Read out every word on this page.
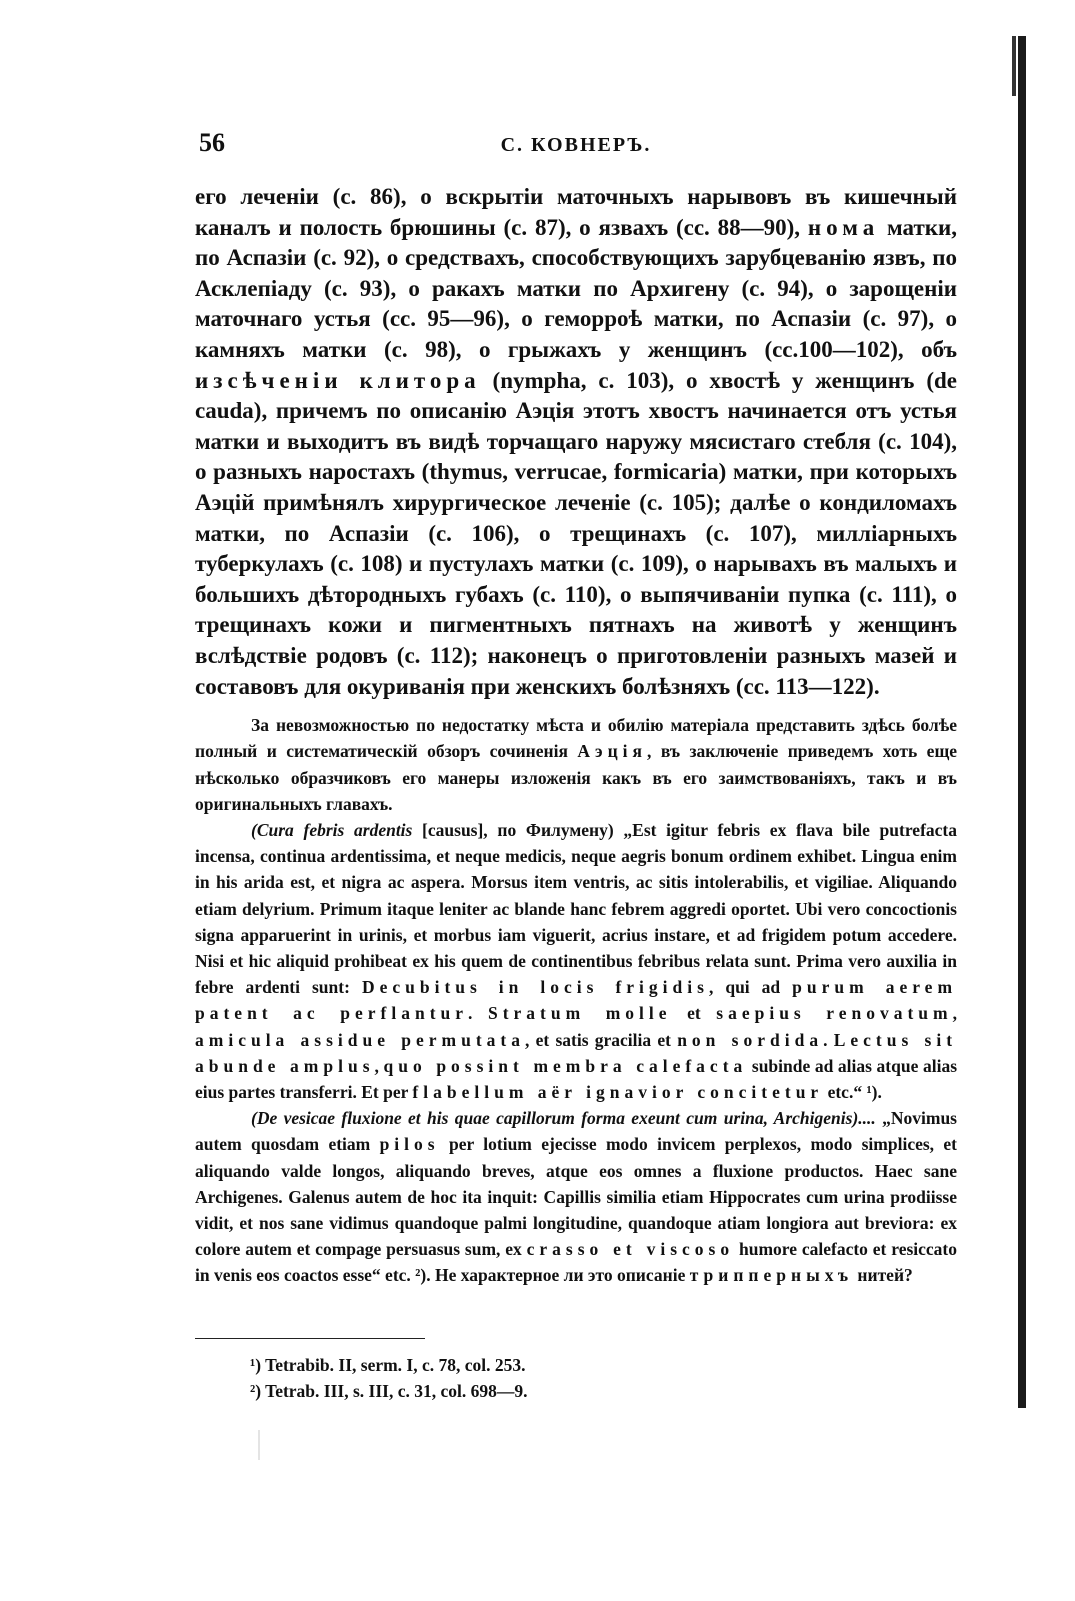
56	С. КОВНЕРЪ.

его леченіи (с. 86), о вскрытіи маточныхъ нарывовъ въ кишечный каналъ и полость брюшины (с. 87), о язвахъ (сс. 88—90), нома матки, по Аспазіи (с. 92), о средствахъ, способствующихъ зарубцеванію язвъ, по Асклепіаду (с. 93), о ракахъ матки по Архигену (с. 94), о зарощеніи маточнаго устья (сс. 95—96), о геморроѣ матки, по Аспазіи (с. 97), о камняхъ матки (с. 98), о грыжахъ у женщинъ (сс.100—102), объ изсѣченіи клитора (nympha, с. 103), о хвостѣ у женщинъ (de cauda), причемъ по описанію Аэція этотъ хвостъ начинается отъ устья матки и выходитъ въ видѣ торчащаго наружу мясистаго стебля (с. 104), о разныхъ наростахъ (thymus, verrucae, formicaria) матки, при которыхъ Аэцій примѣнялъ хирургическое леченіе (с. 105); далѣе о кондиломахъ матки, по Аспазіи (с. 106), о трещинахъ (с. 107), милліарныхъ туберкулахъ (с. 108) и пустулахъ матки (с. 109), о нарывахъ въ малыхъ и большихъ дѣтородныхъ губахъ (с. 110), о выпячиваніи пупка (с. 111), о трещинахъ кожи и пигментныхъ пятнахъ на животѣ у женщинъ вслѣдствіе родовъ (с. 112); наконецъ о приготовленіи разныхъ мазей и составовъ для окуриванія при женскихъ болѣзняхъ (сс. 113—122).

За невозможностью по недостатку мѣста и обилію матеріала представить здѣсь болѣе полный и систематическій обзоръ сочиненія Аэція, въ заключеніе приведемъ хоть еще нѣсколько образчиковъ его манеры изложенія какъ въ его заимствованіяхъ, такъ и въ оригинальныхъ главахъ.

(Cura febris ardentis [causus], по Филумену) „Est igitur febris ex flava bile putrefacta incensa, continua ardentissima, et neque medicis, neque aegris bonum ordinem exhibet. Lingua enim in his arida est, et nigra ac aspera. Morsus item ventris, ac sitis intolerabilis, et vigiliae. Aliquando etiam delyrium. Primum itaque leniter ac blande hanc febrem aggredi oportet. Ubi vero concoctionis signa apparuerint in urinis, et morbus iam viguerit, acrius instare, et ad frigidem potum accedere. Nisi et hic aliquid prohibeat ex his quem de continentibus febribus relata sunt. Prima vero auxilia in febre ardenti sunt: Decubitus in locis frigidis, qui ad purum aerem patent ac perflantur. Stratum molle et saepius renovatum, amicula assidue permutata, et satis gracilia et non sordida. Lectus sit abunde amplus, quo possint membra calefacta subinde ad alias atque alias eius partes transferri. Et per flabellum aër ignavior concitetur etc.“ ¹).

(De vesicae fluxione et his quae capillorum forma exeunt cum urina, Archigenis).... „Novimus autem quosdam etiam pilos per lotium ejecisse modo invicem perplexos, modo simplices, et aliquando valde longos, aliquando breves, atque eos omnes a fluxione productos. Haec sane Archigenes. Galenus autem de hoc ita inquit: Capillis similia etiam Hippocrates cum urina prodiisse vidit, et nos sane vidimus quandoque palmi longitudine, quandoque atiam longiora aut breviora: ex colore autem et compage persuasus sum, ex crasso et viscoso humore calefacto et resiccato in venis eos coactos esse“ etc. ²). Не характерное ли это описаніе трипперныхъ нитей?

¹) Tetrabib. II, serm. I, c. 78, col. 253.

²) Tetrab. III, s. III, c. 31, col. 698—9.
